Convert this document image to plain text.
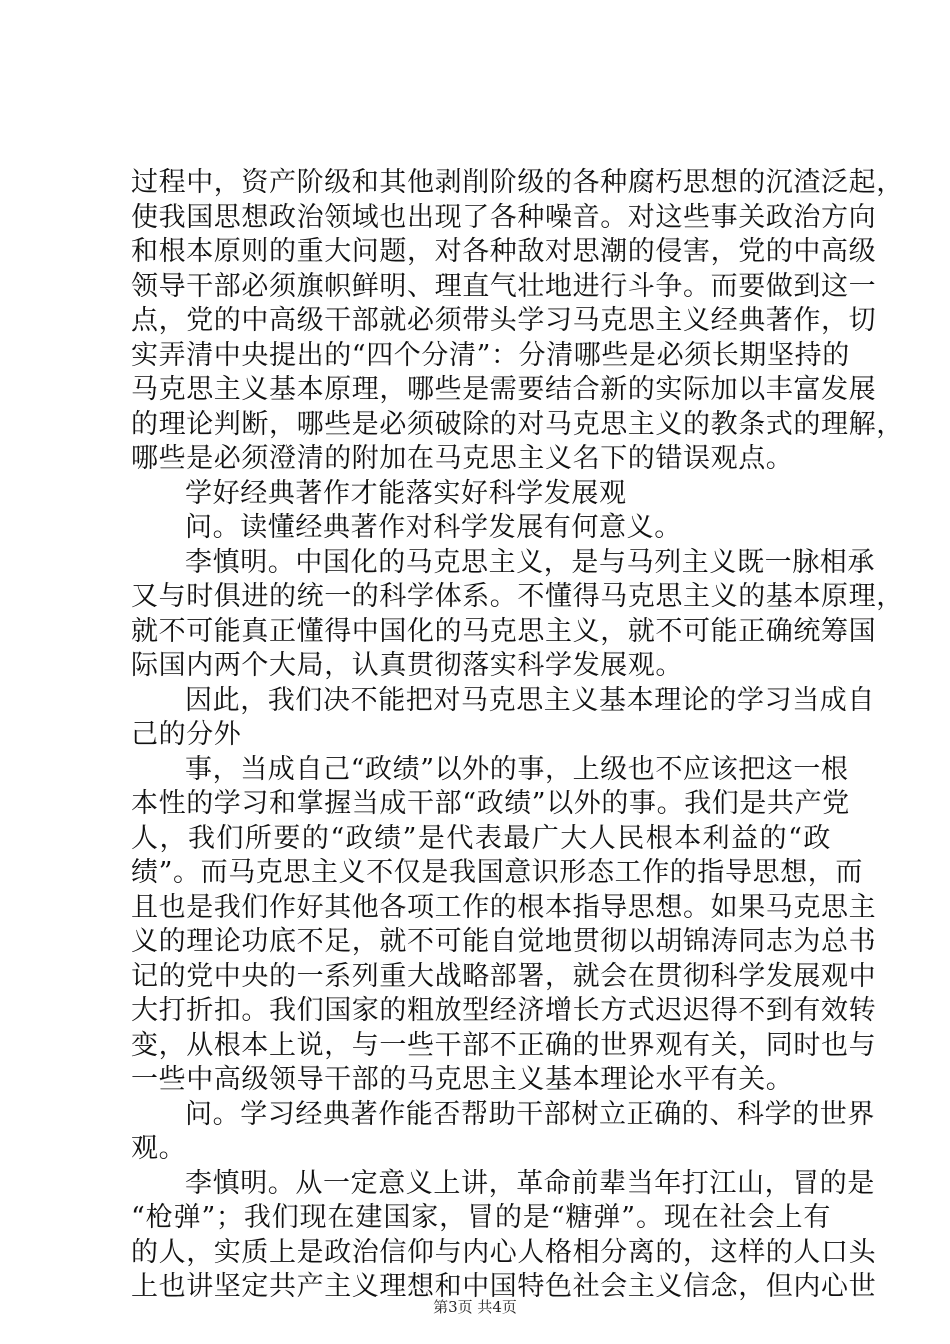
过程中，资产阶级和其他剥削阶级的各种腐朽思想的沉渣泛起，
使我国思想政治领域也出现了各种噪音。对这些事关政治方向
和根本原则的重大问题，对各种敌对思潮的侵害，党的中高级
领导干部必须旗帜鲜明、理直气壮地进行斗争。而要做到这一
点，党的中高级干部就必须带头学习马克思主义经典著作，切
实弄清中央提出的“四个分清”：分清哪些是必须长期坚持的
马克思主义基本原理，哪些是需要结合新的实际加以丰富发展
的理论判断，哪些是必须破除的对马克思主义的教条式的理解，
哪些是必须澄清的附加在马克思主义名下的错误观点。
学好经典著作才能落实好科学发展观
问。读懂经典著作对科学发展有何意义。
李慎明。中国化的马克思主义，是与马列主义既一脉相承
又与时俱进的统一的科学体系。不懂得马克思主义的基本原理，
就不可能真正懂得中国化的马克思主义，就不可能正确统筹国
际国内两个大局，认真贯彻落实科学发展观。
因此，我们决不能把对马克思主义基本理论的学习当成自
己的分外
事，当成自己“政绩”以外的事，上级也不应该把这一根
本性的学习和掌握当成干部“政绩”以外的事。我们是共产党
人，我们所要的“政绩”是代表最广大人民根本利益的“政
绩”。而马克思主义不仅是我国意识形态工作的指导思想，而
且也是我们作好其他各项工作的根本指导思想。如果马克思主
义的理论功底不足，就不可能自觉地贯彻以胡锦涛同志为总书
记的党中央的一系列重大战略部署，就会在贯彻科学发展观中
大打折扣。我们国家的粗放型经济增长方式迟迟得不到有效转
变，从根本上说，与一些干部不正确的世界观有关，同时也与
一些中高级领导干部的马克思主义基本理论水平有关。
问。学习经典著作能否帮助干部树立正确的、科学的世界
观。
李慎明。从一定意义上讲，革命前辈当年打江山，冒的是
“枪弹”；我们现在建国家，冒的是“糖弹”。现在社会上有
的人，实质上是政治信仰与内心人格相分离的，这样的人口头
上也讲坚定共产主义理想和中国特色社会主义信念，但内心世
第3页 共4页
